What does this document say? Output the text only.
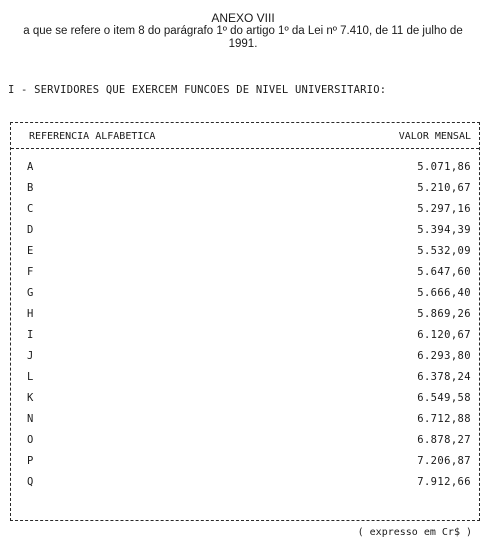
ANEXO VIII
a que se refere o item 8 do parágrafo 1º do artigo 1º da Lei nº 7.410, de 11 de julho de 1991.
I - SERVIDORES QUE EXERCEM FUNCOES DE NIVEL UNIVERSITARIO:
REFERENCIA ALFABETICA	VALOR MENSAL
A	5.071,86
B	5.210,67
C	5.297,16
D	5.394,39
E	5.532,09
F	5.647,60
G	5.666,40
H	5.869,26
I	6.120,67
J	6.293,80
L	6.378,24
K	6.549,58
N	6.712,88
O	6.878,27
P	7.206,87
Q	7.912,66
( expresso em Cr$ )
